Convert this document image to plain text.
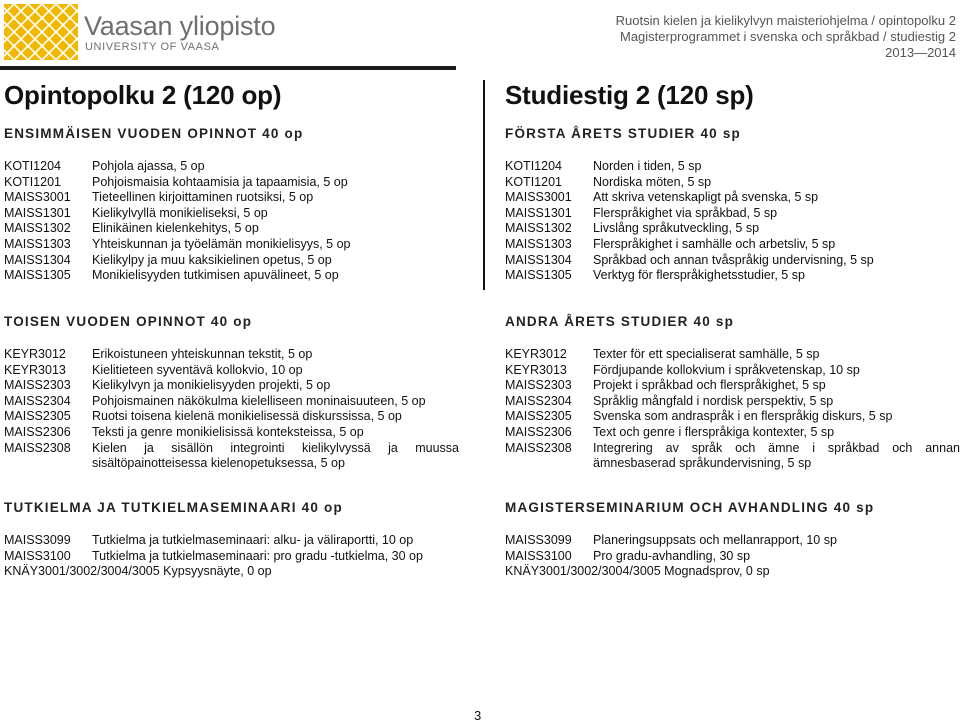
Vaasan yliopisto
UNIVERSITY OF VAASA
Ruotsin kielen ja kielikylvyn maisteriohjelma / opintopolku 2
Magisterprogrammet i svenska och språkbad / studiestig 2
2013—2014
Opintopolku 2 (120 op)
ENSIMMÄISEN VUODEN OPINNOT 40 op
KOTI1204	Pohjola ajassa, 5 op
KOTI1201	Pohjoismaisia kohtaamisia ja tapaamisia, 5 op
MAISS3001	Tieteellinen kirjoittaminen ruotsiksi, 5 op
MAISS1301	Kielikylvyllä monikieliseksi, 5 op
MAISS1302	Elinikäinen kielenkehitys, 5 op
MAISS1303	Yhteiskunnan ja työelämän monikielisyys, 5 op
MAISS1304	Kielikylpy ja muu kaksikielinen opetus, 5 op
MAISS1305	Monikielisyyden tutkimisen apuvälineet, 5 op
TOISEN VUODEN OPINNOT 40 op
KEYR3012	Erikoistuneen yhteiskunnan tekstit, 5 op
KEYR3013	Kielitieteen syventävä kollokvio, 10 op
MAISS2303	Kielikylvyn ja monikielisyyden projekti, 5 op
MAISS2304	Pohjoismainen näkökulma kielelliseen moninaisuuteen, 5 op
MAISS2305	Ruotsi toisena kielenä monikielisessä diskurssissa, 5 op
MAISS2306	Teksti ja genre monikielisissä konteksteissa, 5 op
MAISS2308	Kielen ja sisällön integrointi kielikylvyssä ja muussa sisältöpainotteisessa kielenopetuksessa, 5 op
TUTKIELMA JA TUTKIELMASEMINAARI 40 op
MAISS3099	Tutkielma ja tutkielmaseminaari: alku- ja väliraportti, 10 op
MAISS3100	Tutkielma ja tutkielmaseminaari: pro gradu -tutkielma, 30 op
KNÄY3001/3002/3004/3005 Kypsyysnäyte, 0 op
Studiestig 2 (120 sp)
FÖRSTA ÅRETS STUDIER 40 sp
KOTI1204	Norden i tiden, 5 sp
KOTI1201	Nordiska möten, 5 sp
MAISS3001	Att skriva vetenskapligt på svenska, 5 sp
MAISS1301	Flerspråkighet via språkbad, 5 sp
MAISS1302	Livslång språkutveckling, 5 sp
MAISS1303	Flerspråkighet i samhälle och arbetsliv, 5 sp
MAISS1304	Språkbad och annan tvåspråkig undervisning, 5 sp
MAISS1305	Verktyg för flerspråkighetsstudier, 5 sp
ANDRA ÅRETS STUDIER 40 sp
KEYR3012	Texter för ett specialiserat samhälle, 5 sp
KEYR3013	Fördjupande kollokvium i språkvetenskap, 10 sp
MAISS2303	Projekt i språkbad och flerspråkighet, 5 sp
MAISS2304	Språklig mångfald i nordisk perspektiv, 5 sp
MAISS2305	Svenska som andraspråk i en flerspråkig diskurs, 5 sp
MAISS2306	Text och genre i flerspråkiga kontexter, 5 sp
MAISS2308	Integrering av språk och ämne i språkbad och annan ämnesbaserad språkundervisning, 5 sp
MAGISTERSEMINARIUM OCH AVHANDLING 40 sp
MAISS3099	Planeringsuppsats och mellanrapport, 10 sp
MAISS3100	Pro gradu-avhandling, 30 sp
KNÄY3001/3002/3004/3005 Mognadsprov, 0 sp
3
